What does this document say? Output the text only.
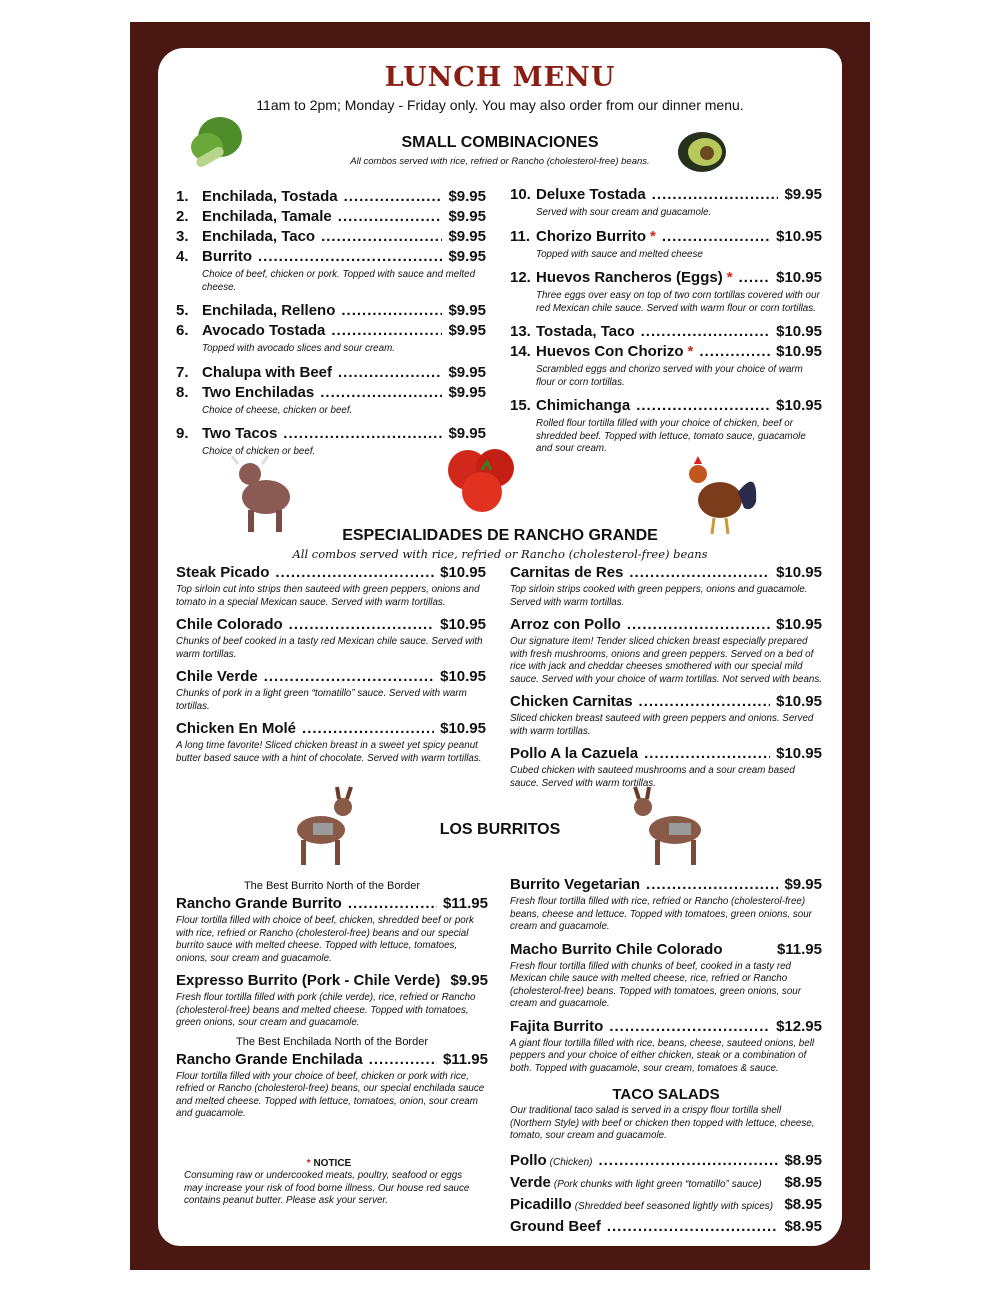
LUNCH MENU
11am to 2pm; Monday - Friday only. You may also order from our dinner menu.
SMALL COMBINACIONES
All combos served with rice, refried or Rancho (cholesterol-free) beans.
1. Enchilada, Tostada .....	$9.95
2. Enchilada, Tamale .....	$9.95
3. Enchilada, Taco .....	$9.95
4. Burrito .....	$9.95
Choice of beef, chicken or pork. Topped with sauce and melted cheese.
5. Enchilada, Relleno .....	$9.95
6. Avocado Tostada .....	$9.95
Topped with avocado slices and sour cream.
7. Chalupa with Beef .....	$9.95
8. Two Enchiladas .....	$9.95
Choice of cheese, chicken or beef.
9. Two Tacos .....	$9.95
Choice of chicken or beef.
10. Deluxe Tostada .....	$9.95
Served with sour cream and guacamole.
11. Chorizo Burrito * .....	$10.95
Topped with sauce and melted cheese
12. Huevos Rancheros (Eggs) * .....	$10.95
Three eggs over easy on top of two corn tortillas covered with our red Mexican chile sauce. Served with warm flour or corn tortillas.
13. Tostada, Taco .....	$10.95
14. Huevos Con Chorizo * .....	$10.95
Scrambled eggs and chorizo served with your choice of warm flour or corn tortillas.
15. Chimichanga .....	$10.95
Rolled flour tortilla filled with your choice of chicken, beef or shredded beef. Topped with lettuce, tomato sauce, guacamole and sour cream.
ESPECIALIDADES DE RANCHO GRANDE
All combos served with rice, refried or Rancho (cholesterol-free) beans
Steak Picado .....	$10.95
Top sirloin cut into strips then sauteed with green peppers, onions and tomato in a special Mexican sauce. Served with warm tortillas.
Chile Colorado .....	$10.95
Chunks of beef cooked in a tasty red Mexican chile sauce. Served with warm tortillas.
Chile Verde .....	$10.95
Chunks of pork in a light green “tomatillo” sauce. Served with warm tortillas.
Chicken En Molé .....	$10.95
A long time favorite! Sliced chicken breast in a sweet yet spicy peanut butter based sauce with a hint of chocolate. Served with warm tortillas.
Carnitas de Res .....	$10.95
Top sirloin strips cooked with green peppers, onions and guacamole. Served with warm tortillas.
Arroz con Pollo .....	$10.95
Our signature item! Tender sliced chicken breast especially prepared with fresh mushrooms, onions and green peppers. Served on a bed of rice with jack and cheddar cheeses smothered with our special mild sauce. Served with your choice of warm tortillas. Not served with beans.
Chicken Carnitas .....	$10.95
Sliced chicken breast sauteed with green peppers and onions. Served with warm tortillas.
Pollo A la Cazuela .....	$10.95
Cubed chicken with sauteed mushrooms and a sour cream based sauce. Served with warm tortillas.
LOS BURRITOS
The Best Burrito North of the Border
Rancho Grande Burrito .....	$11.95
Flour tortilla filled with choice of beef, chicken, shredded beef or pork with rice, refried or Rancho (cholesterol-free) beans and our special burrito sauce with melted cheese. Topped with lettuce, tomatoes, onions, sour cream and guacamole.
Expresso Burrito (Pork - Chile Verde) $9.95
Fresh flour tortilla filled with pork (chile verde), rice, refried or Rancho (cholesterol-free) beans and melted cheese. Topped with tomatoes, green onions, sour cream and guacamole.
The Best Enchilada North of the Border
Rancho Grande Enchilada .....	$11.95
Flour tortilla filled with your choice of beef, chicken or pork with rice, refried or Rancho (cholesterol-free) beans, our special enchilada sauce and melted cheese. Topped with lettuce, tomatoes, onion, sour cream and guacamole.
Burrito Vegetarian .....	$9.95
Fresh flour tortilla filled with rice, refried or Rancho (cholesterol-free) beans, cheese and lettuce. Topped with tomatoes, green onions, sour cream and guacamole.
Macho Burrito Chile Colorado	$11.95
Fresh flour tortilla filled with chunks of beef, cooked in a tasty red Mexican chile sauce with melted cheese, rice, refried or Rancho (cholesterol-free) beans. Topped with tomatoes, green onions, sour cream and guacamole.
Fajita Burrito .....	$12.95
A giant flour tortilla filled with rice, beans, cheese, sauteed onions, bell peppers and your choice of either chicken, steak or a combination of both. Topped with guacamole, sour cream, tomatoes & sauce.
TACO SALADS
Our traditional taco salad is served in a crispy flour tortilla shell (Northern Style) with beef or chicken then topped with lettuce, cheese, tomato, sour cream and guacamole.
Pollo (Chicken) .....	$8.95
Verde (Pork chunks with light green “tomatillo” sauce) $8.95
Picadillo (Shredded beef seasoned lightly with spices) $8.95
Ground Beef .....	$8.95
* NOTICE
Consuming raw or undercooked meats, poultry, seafood or eggs may increase your risk of food borne illness. Our house red sauce contains peanut butter. Please ask your server.
